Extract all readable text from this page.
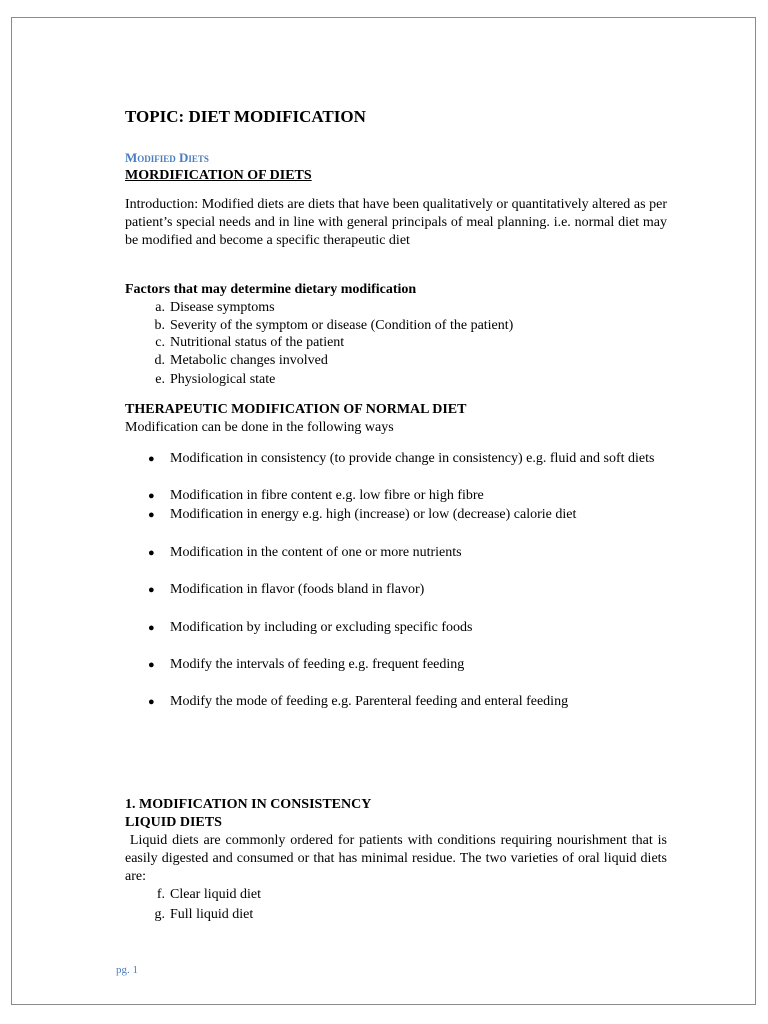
TOPIC: DIET MODIFICATION
Modified Diets
MORDIFICATION OF DIETS
Introduction: Modified diets are diets that have been qualitatively or quantitatively altered as per patient’s special needs and in line with general principals of meal planning. i.e. normal diet may be modified and become a specific therapeutic diet
Factors that may determine dietary modification
a. Disease symptoms
b. Severity of the symptom or disease (Condition of the patient)
c. Nutritional status of the patient
d. Metabolic changes involved
e. Physiological state
THERAPEUTIC MODIFICATION OF NORMAL DIET
Modification can be done in the following ways
● Modification in consistency (to provide change in consistency) e.g. fluid and soft diets
● Modification in fibre content e.g. low fibre or high fibre
● Modification in energy e.g. high (increase) or low (decrease) calorie diet
● Modification in the content of one or more nutrients
● Modification in flavor (foods bland in flavor)
● Modification by including or excluding specific foods
● Modify the intervals of feeding e.g. frequent feeding
● Modify the mode of feeding e.g. Parenteral feeding and enteral feeding
1. MODIFICATION IN CONSISTENCY
LIQUID DIETS
Liquid diets are commonly ordered for patients with conditions requiring nourishment that is easily digested and consumed or that has minimal residue. The two varieties of oral liquid diets are:
f. Clear liquid diet
g. Full liquid diet
pg. 1
